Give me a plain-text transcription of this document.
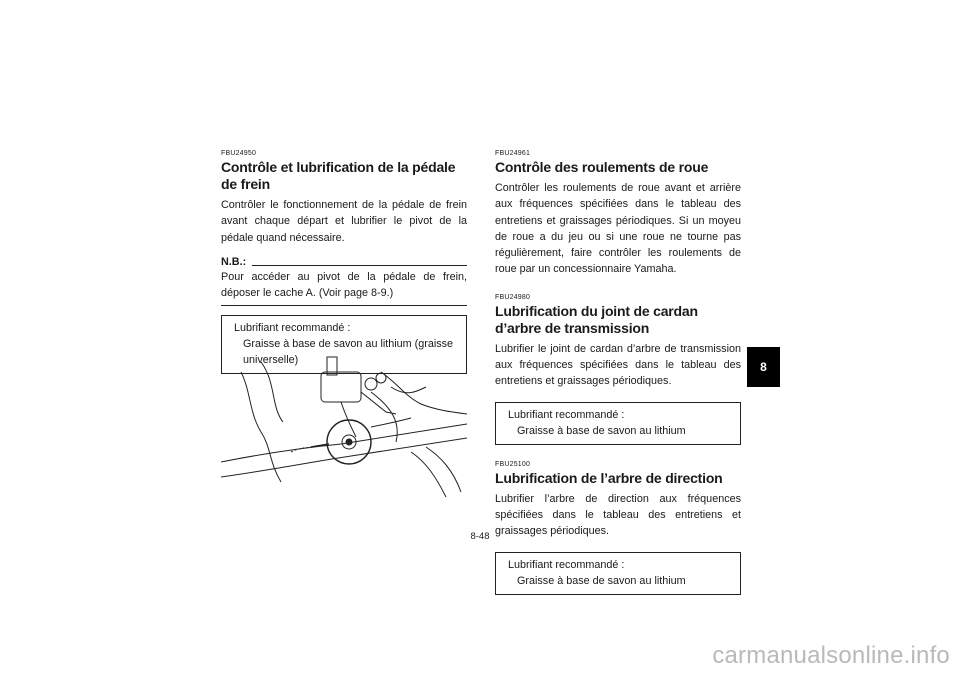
FBU24950
Contrôle et lubrification de la pédale de frein

Contrôler le fonctionnement de la pédale de frein avant chaque départ et lubrifier le pivot de la pédale quand nécessaire.

N.B.:

Pour accéder au pivot de la pédale de frein, déposer le cache A. (Voir page 8-9.)

Lubrifiant recommandé :
Graisse à base de savon au lithium (graisse universelle)
FBU24961
Contrôle des roulements de roue

Contrôler les roulements de roue avant et arrière aux fréquences spécifiées dans le tableau des entretiens et graissages périodiques. Si un moyeu de roue a du jeu ou si une roue ne tourne pas régulièrement, faire contrôler les roulements de roue par un concessionnaire Yamaha.

FBU24980
Lubrification du joint de cardan d’arbre de transmission

Lubrifier le joint de cardan d’arbre de transmission aux fréquences spécifiées dans le tableau des entretiens et graissages périodiques.

Lubrifiant recommandé :
Graisse à base de savon au lithium
FBU25100
Lubrification de l’arbre de direction

Lubrifier l’arbre de direction aux fréquences spécifiées dans le tableau des entretiens et graissages périodiques.

Lubrifiant recommandé :
Graisse à base de savon au lithium
8-48
8
carmanualsonline.info
